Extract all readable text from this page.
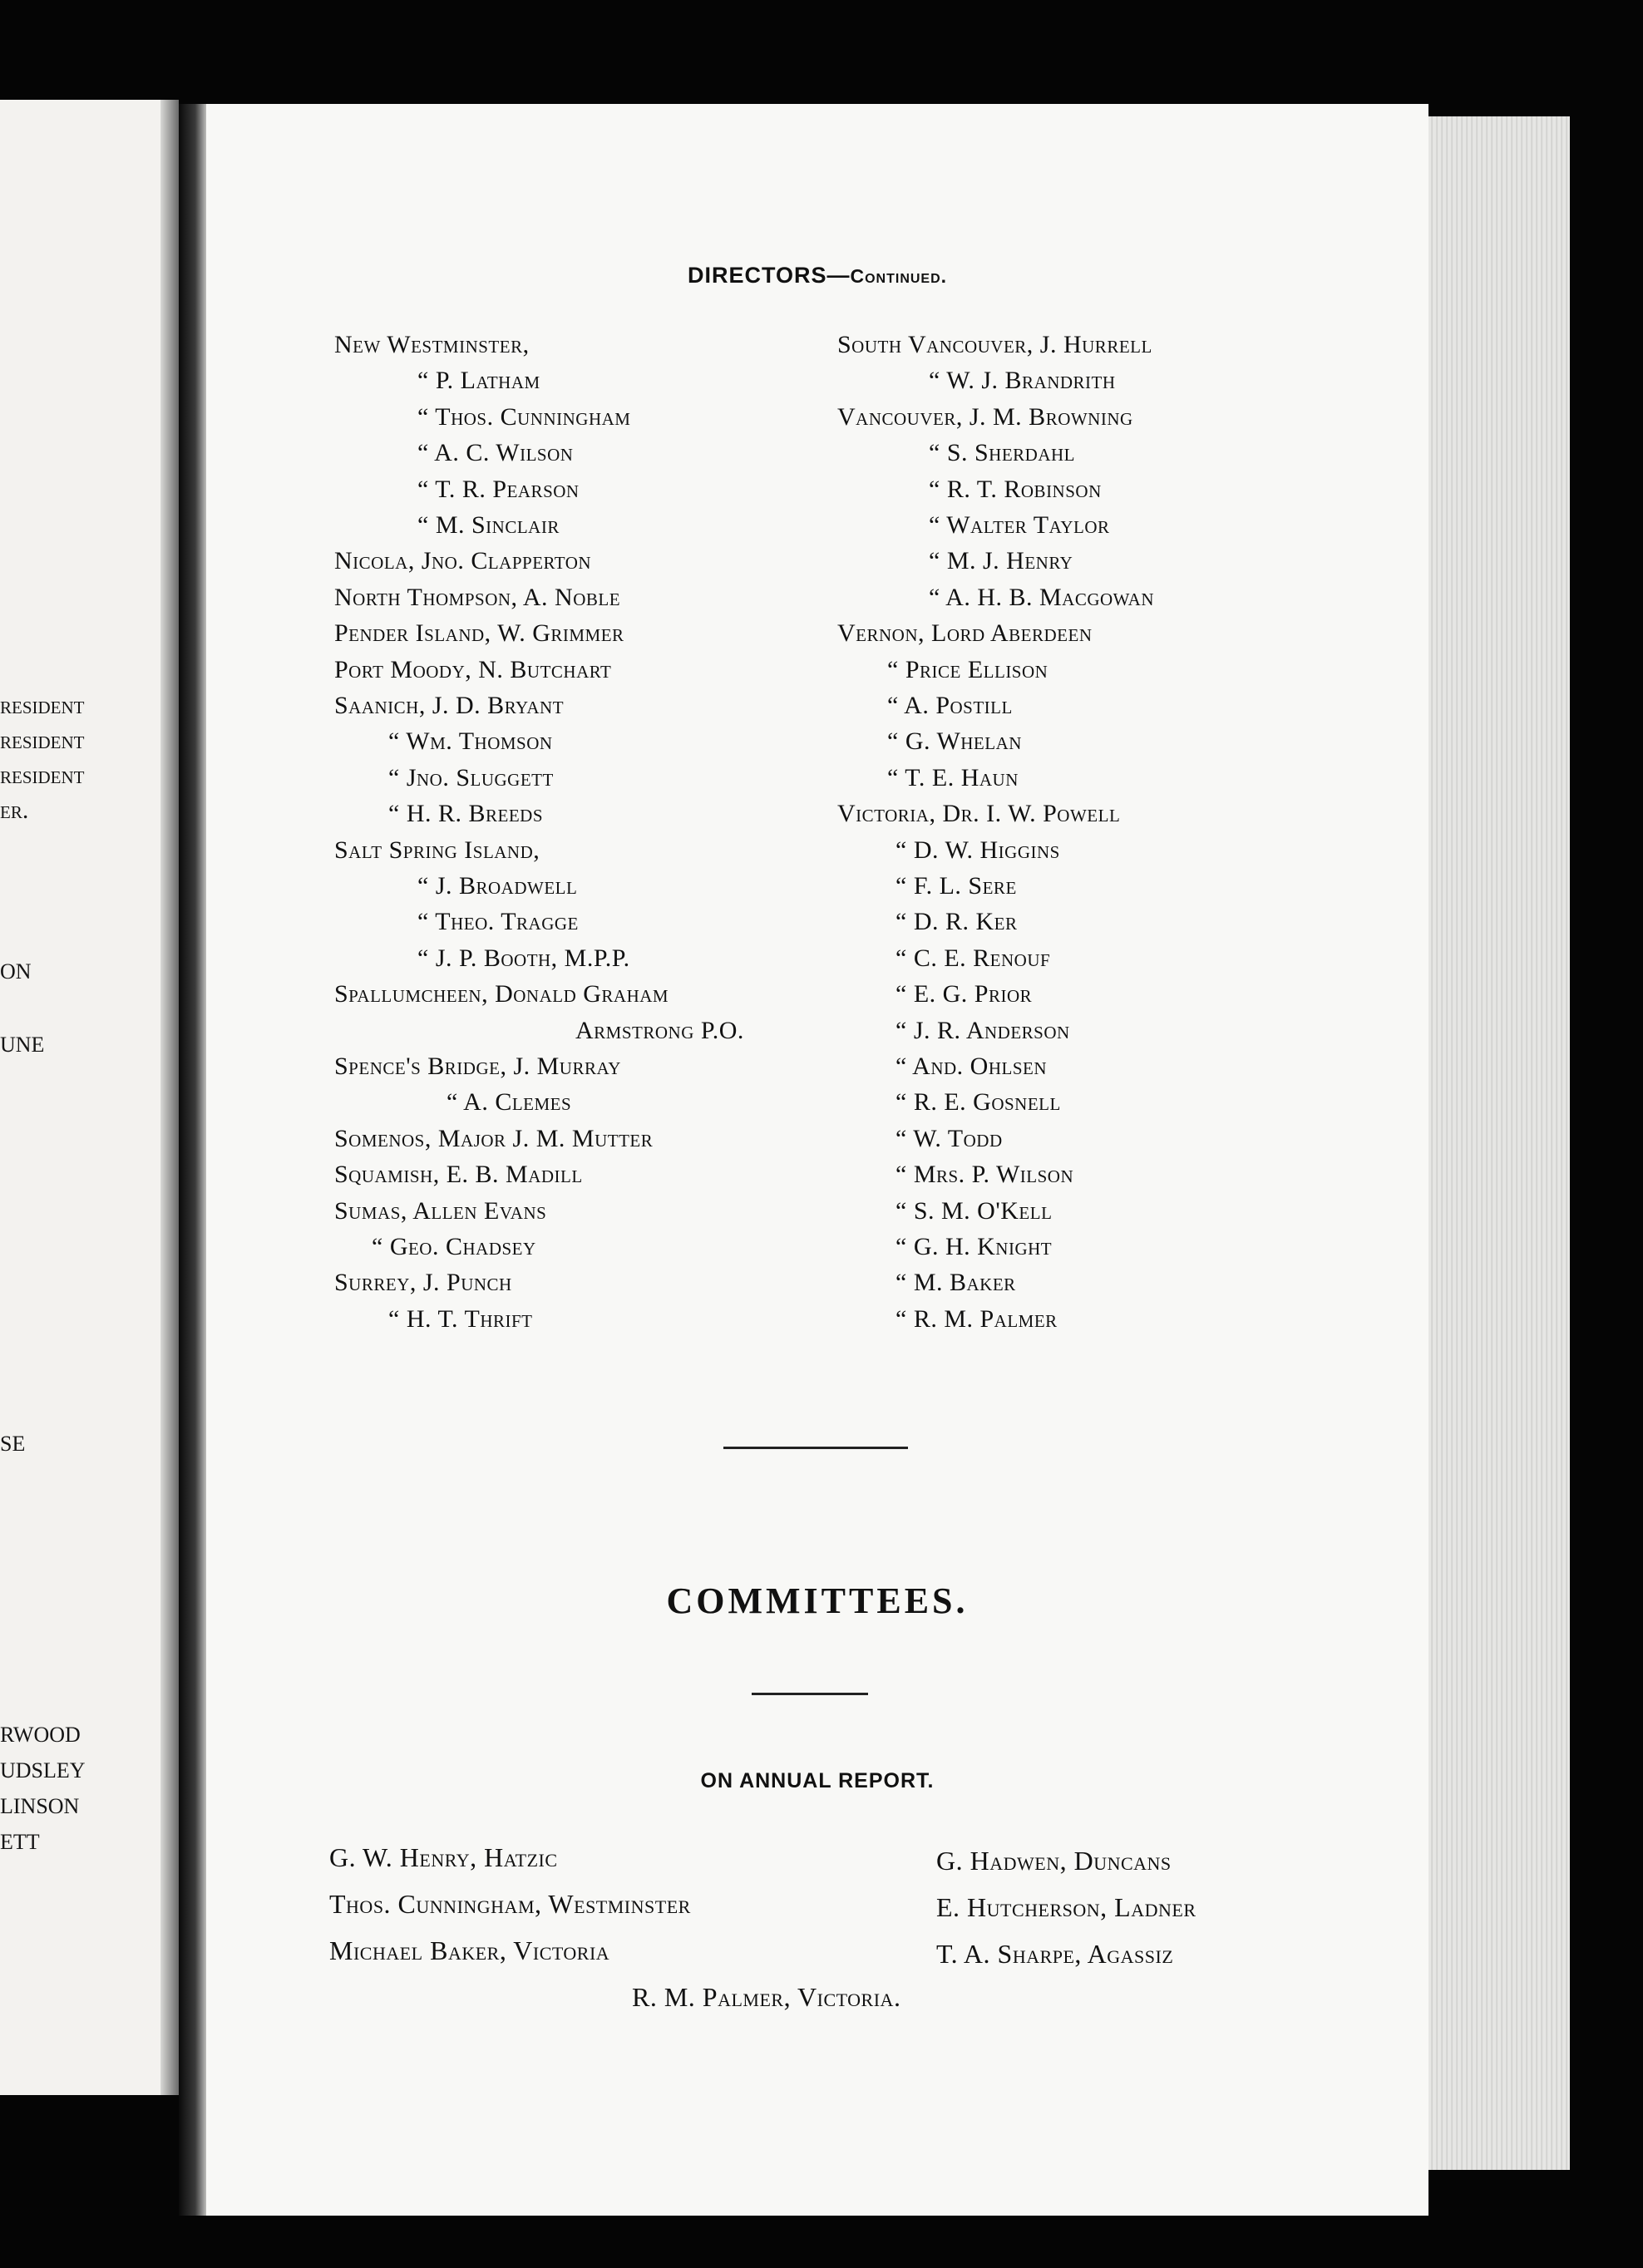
resident
resident
resident
er.
ON
UNE
SE
RWOOD
UDSLEY
LINSON
ETT
DIRECTORS—Continued.
New Westminster,
“ P. Latham
“ Thos. Cunningham
“ A. C. Wilson
“ T. R. Pearson
“ M. Sinclair
Nicola, Jno. Clapperton
North Thompson, A. Noble
Pender Island, W. Grimmer
Port Moody, N. Butchart
Saanich, J. D. Bryant
“ Wm. Thomson
“ Jno. Sluggett
“ H. R. Breeds
Salt Spring Island,
“ J. Broadwell
“ Theo. Tragge
“ J. P. Booth, M.P.P.
Spallumcheen, Donald Graham
Armstrong P.O.
Spence's Bridge, J. Murray
“ A. Clemes
Somenos, Major J. M. Mutter
Squamish, E. B. Madill
Sumas, Allen Evans
“ Geo. Chadsey
Surrey, J. Punch
“ H. T. Thrift
South Vancouver, J. Hurrell
“ W. J. Brandrith
Vancouver, J. M. Browning
“ S. Sherdahl
“ R. T. Robinson
“ Walter Taylor
“ M. J. Henry
“ A. H. B. Macgowan
Vernon, Lord Aberdeen
“ Price Ellison
“ A. Postill
“ G. Whelan
“ T. E. Haun
Victoria, Dr. I. W. Powell
“ D. W. Higgins
“ F. L. Sere
“ D. R. Ker
“ C. E. Renouf
“ E. G. Prior
“ J. R. Anderson
“ And. Ohlsen
“ R. E. Gosnell
“ W. Todd
“ Mrs. P. Wilson
“ S. M. O'Kell
“ G. H. Knight
“ M. Baker
“ R. M. Palmer
COMMITTEES.
ON ANNUAL REPORT.
G. W. Henry, Hatzic
Thos. Cunningham, Westminster
Michael Baker, Victoria
G. Hadwen, Duncans
E. Hutcherson, Ladner
T. A. Sharpe, Agassiz
R. M. Palmer, Victoria.
